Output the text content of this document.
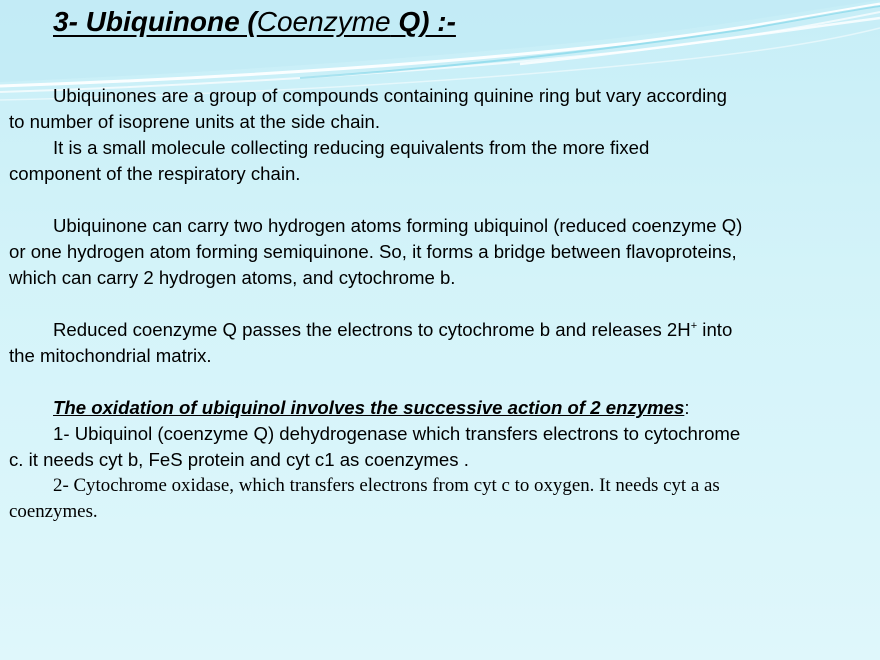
3- Ubiquinone (Coenzyme Q) :-

Ubiquinones are a group of compounds containing quinine ring but vary according

to number of isoprene units at the side chain.

It is a small molecule collecting reducing equivalents from the more fixed

component of the respiratory chain.

Ubiquinone can carry two hydrogen atoms forming ubiquinol (reduced coenzyme Q)

or one hydrogen atom forming semiquinone. So, it forms a bridge between flavoproteins,

which can carry 2 hydrogen atoms, and cytochrome b.

Reduced coenzyme Q passes the electrons to cytochrome b and releases 2H+ into

the mitochondrial matrix.

The oxidation of ubiquinol involves the successive action of 2 enzymes:

1- Ubiquinol (coenzyme Q) dehydrogenase which transfers electrons to cytochrome

c. it needs cyt b, FeS protein and cyt c1 as coenzymes .

2- Cytochrome oxidase, which transfers electrons from cyt c to oxygen. It needs cyt a as

coenzymes.
